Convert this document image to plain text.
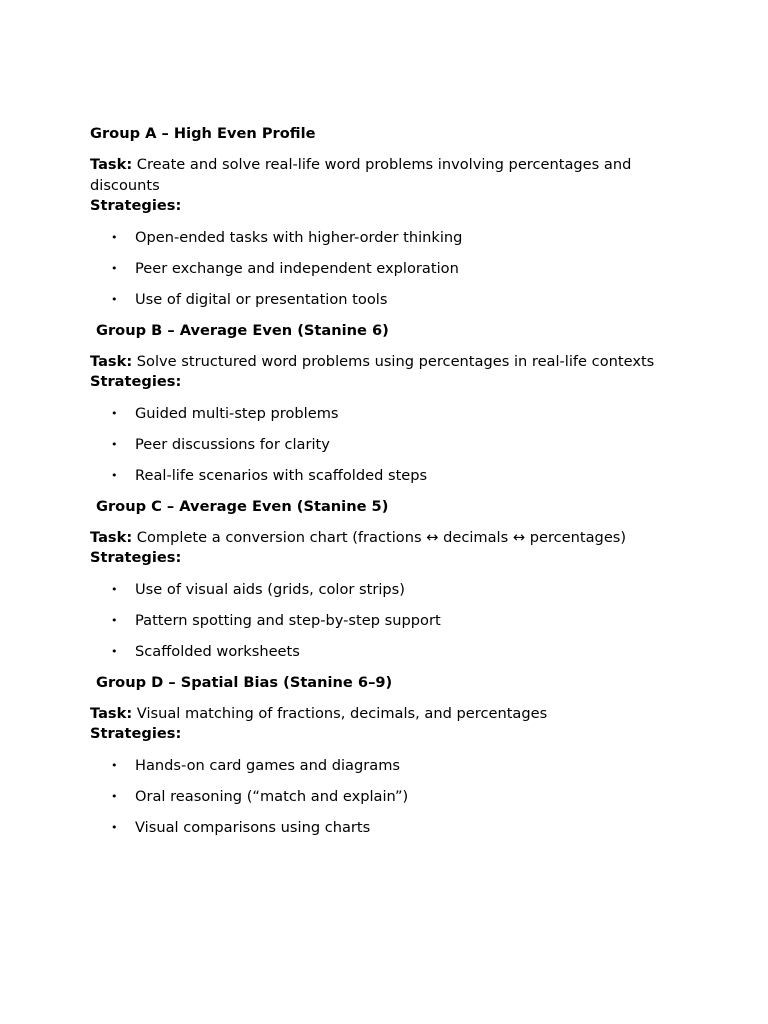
Group A – High Even Profile

Task: Create and solve real-life word problems involving percentages and discounts

Strategies:
• Open-ended tasks with higher-order thinking
• Peer exchange and independent exploration
• Use of digital or presentation tools
Group B – Average Even (Stanine 6)

Task: Solve structured word problems using percentages in real-life contexts

Strategies:
• Guided multi-step problems
• Peer discussions for clarity
• Real-life scenarios with scaffolded steps
Group C – Average Even (Stanine 5)

Task: Complete a conversion chart (fractions ↔ decimals ↔ percentages)

Strategies:
• Use of visual aids (grids, color strips)
• Pattern spotting and step-by-step support
• Scaffolded worksheets
Group D – Spatial Bias (Stanine 6–9)

Task: Visual matching of fractions, decimals, and percentages

Strategies:
• Hands-on card games and diagrams
• Oral reasoning (“match and explain”)
• Visual comparisons using charts
